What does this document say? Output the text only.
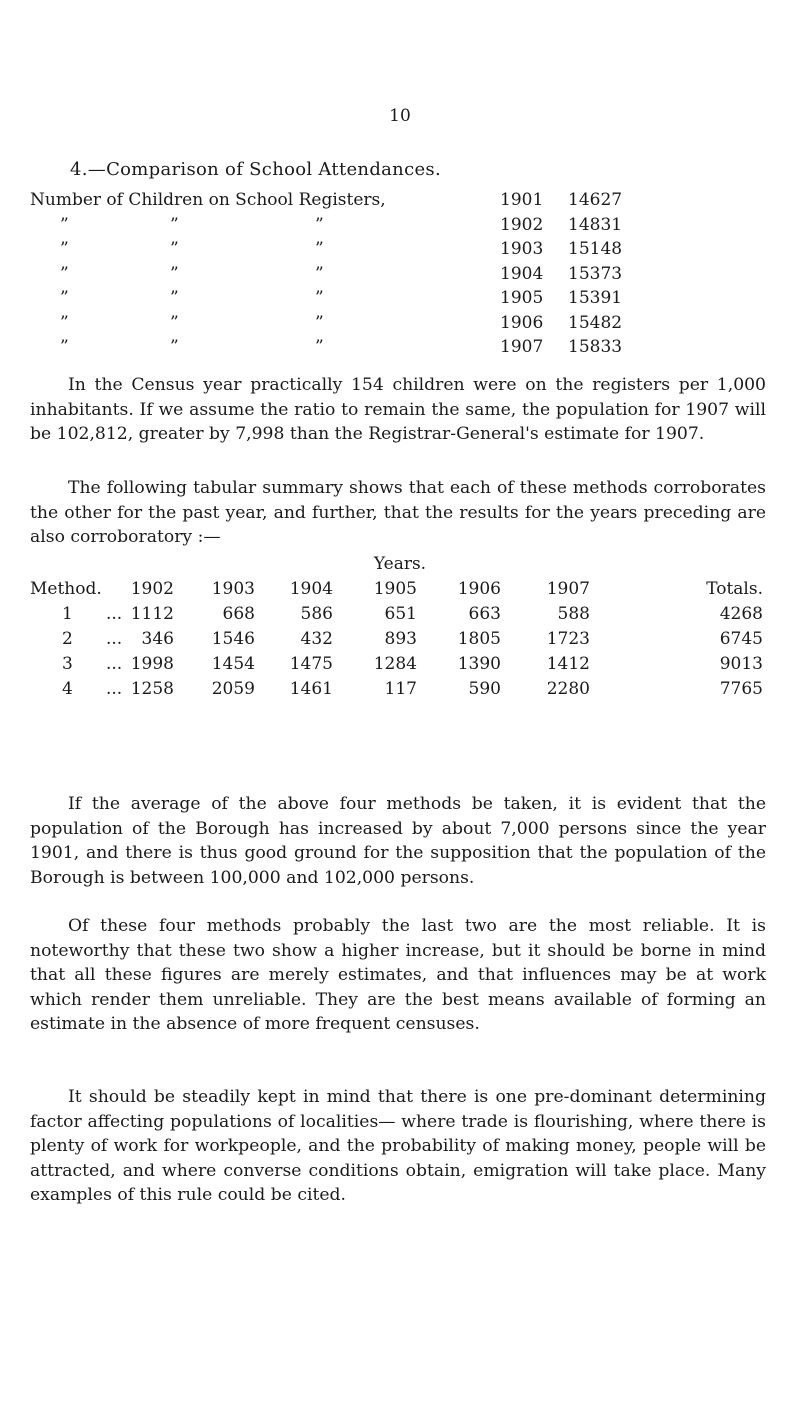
10
4.—Comparison of School Attendances.
Number of Children on School Registers,	1901 14627
”	”	”	1902 14831
”	”	”	1903 15148
”	”	”	1904 15373
”	”	”	1905 15391
”	”	”	1906 15482
”	”	”	1907 15833

In the Census year practically 154 children were on the registers per 1,000 inhabitants. If we assume the ratio to remain the same, the population for 1907 will be 102,812, greater by 7,998 than the Registrar-General's estimate for 1907.

The following tabular summary shows that each of these methods corroborates the other for the past year, and further, that the results for the years preceding are also corroboratory :—

Years.
Method. 1902 1903 1904 1905 1906	1907	Totals.
1 ... 1112	668	586	651	663	588	4268
2 ... 346 1546	432	893 1805	1723	6745
3 ... 1998 1454 1475 1284 1390	1412	9013
4 ... 1258 2059 1461	117	590	2280	7765

If the average of the above four methods be taken, it is evident that the population of the Borough has increased by about 7,000 persons since the year 1901, and there is thus good ground for the supposition that the population of the Borough is between 100,000 and 102,000 persons.

Of these four methods probably the last two are the most reliable. It is noteworthy that these two show a higher increase, but it should be borne in mind that all these figures are merely estimates, and that influences may be at work which render them unreliable. They are the best means available of forming an estimate in the absence of more frequent censuses.

It should be steadily kept in mind that there is one pre-dominant determining factor affecting populations of localities— where trade is flourishing, where there is plenty of work for workpeople, and the probability of making money, people will be attracted, and where converse conditions obtain, emigration will take place. Many examples of this rule could be cited.
